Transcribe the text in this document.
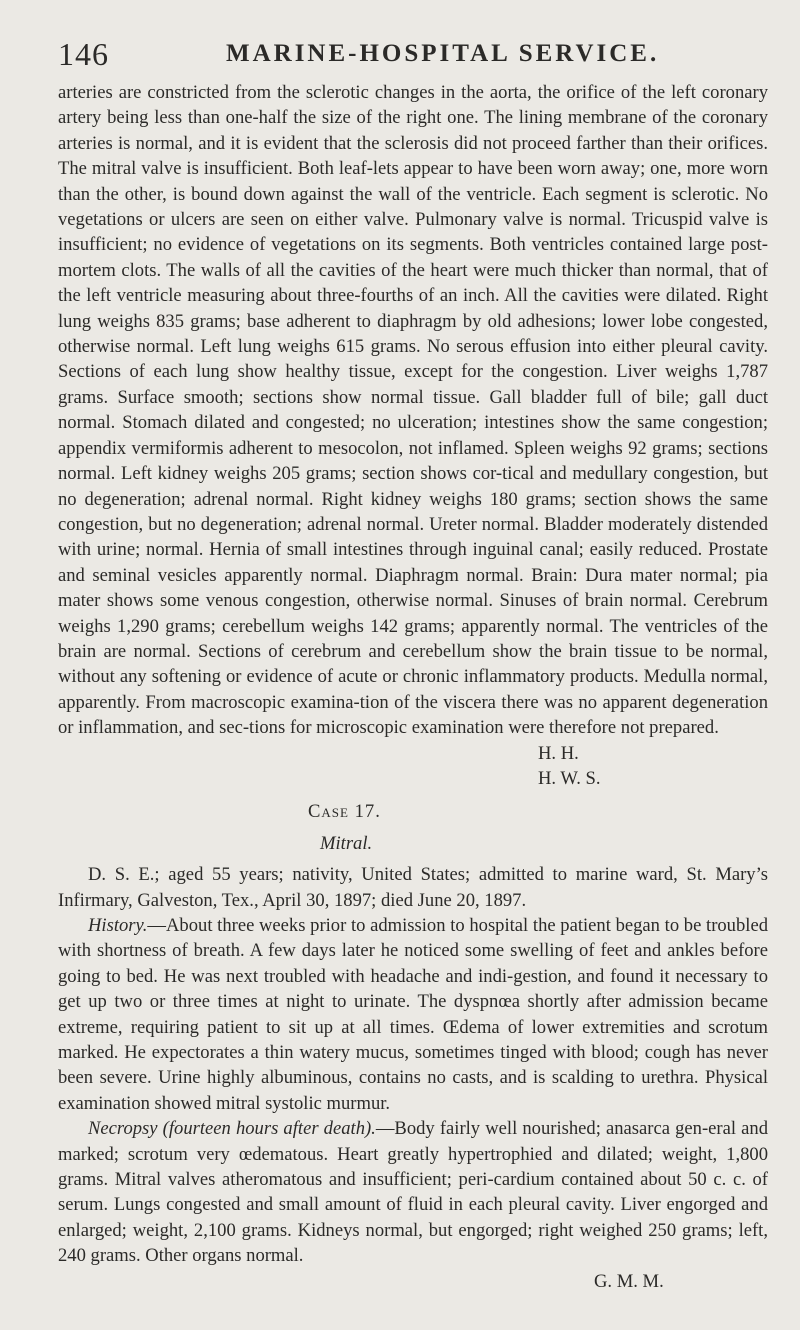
146	MARINE-HOSPITAL SERVICE.

arteries are constricted from the sclerotic changes in the aorta, the orifice of the left coronary artery being less than one-half the size of the right one. The lining membrane of the coronary arteries is normal, and it is evident that the sclerosis did not proceed farther than their orifices. The mitral valve is insufficient. Both leaf-lets appear to have been worn away; one, more worn than the other, is bound down against the wall of the ventricle. Each segment is sclerotic. No vegetations or ulcers are seen on either valve. Pulmonary valve is normal. Tricuspid valve is insufficient; no evidence of vegetations on its segments. Both ventricles contained large post-mortem clots. The walls of all the cavities of the heart were much thicker than normal, that of the left ventricle measuring about three-fourths of an inch. All the cavities were dilated. Right lung weighs 835 grams; base adherent to diaphragm by old adhesions; lower lobe congested, otherwise normal. Left lung weighs 615 grams. No serous effusion into either pleural cavity. Sections of each lung show healthy tissue, except for the congestion. Liver weighs 1,787 grams. Surface smooth; sections show normal tissue. Gall bladder full of bile; gall duct normal. Stomach dilated and congested; no ulceration; intestines show the same congestion; appendix vermiformis adherent to mesocolon, not inflamed. Spleen weighs 92 grams; sections normal. Left kidney weighs 205 grams; section shows cor-tical and medullary congestion, but no degeneration; adrenal normal. Right kidney weighs 180 grams; section shows the same congestion, but no degeneration; adrenal normal. Ureter normal. Bladder moderately distended with urine; normal. Hernia of small intestines through inguinal canal; easily reduced. Prostate and seminal vesicles apparently normal. Diaphragm normal. Brain: Dura mater normal; pia mater shows some venous congestion, otherwise normal. Sinuses of brain normal. Cerebrum weighs 1,290 grams; cerebellum weighs 142 grams; apparently normal. The ventricles of the brain are normal. Sections of cerebrum and cerebellum show the brain tissue to be normal, without any softening or evidence of acute or chronic inflammatory products. Medulla normal, apparently. From macroscopic examina-tion of the viscera there was no apparent degeneration or inflammation, and sec-tions for microscopic examination were therefore not prepared.

H. H.
H. W. S.
Case 17.
Mitral.

D. S. E.; aged 55 years; nativity, United States; admitted to marine ward, St. Mary’s Infirmary, Galveston, Tex., April 30, 1897; died June 20, 1897.

History.—About three weeks prior to admission to hospital the patient began to be troubled with shortness of breath. A few days later he noticed some swelling of feet and ankles before going to bed. He was next troubled with headache and indi-gestion, and found it necessary to get up two or three times at night to urinate. The dyspnœa shortly after admission became extreme, requiring patient to sit up at all times. Œdema of lower extremities and scrotum marked. He expectorates a thin watery mucus, sometimes tinged with blood; cough has never been severe. Urine highly albuminous, contains no casts, and is scalding to urethra. Physical examination showed mitral systolic murmur.

Necropsy (fourteen hours after death).—Body fairly well nourished; anasarca gen-eral and marked; scrotum very œdematous. Heart greatly hypertrophied and dilated; weight, 1,800 grams. Mitral valves atheromatous and insufficient; peri-cardium contained about 50 c. c. of serum. Lungs congested and small amount of fluid in each pleural cavity. Liver engorged and enlarged; weight, 2,100 grams. Kidneys normal, but engorged; right weighed 250 grams; left, 240 grams. Other organs normal.

G. M. M.
